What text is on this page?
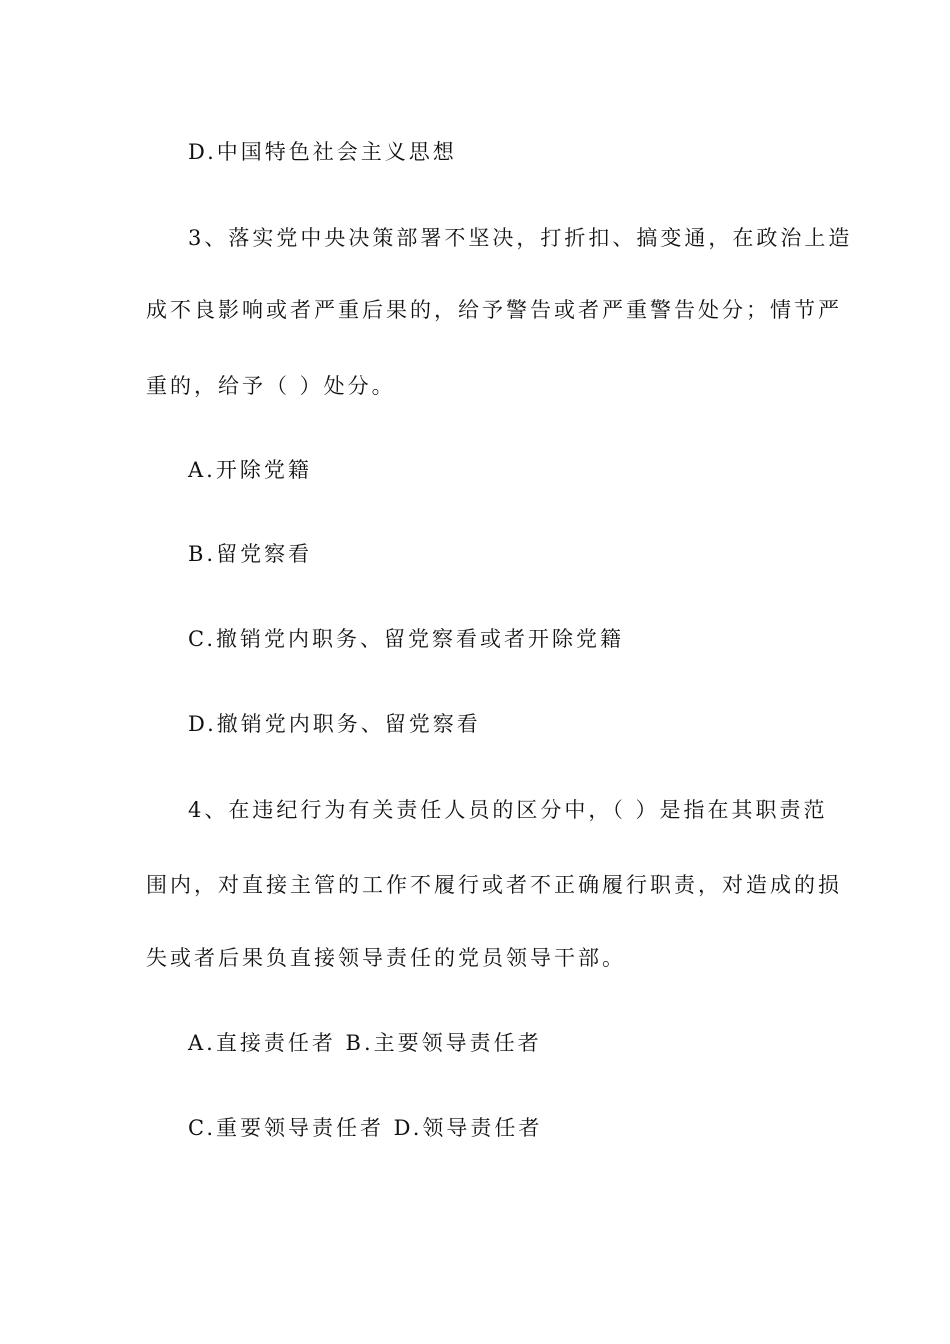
D.中国特色社会主义思想
3、落实党中央决策部署不坚决，打折扣、搞变通，在政治上造
成不良影响或者严重后果的，给予警告或者严重警告处分；情节严
重的，给予（ ）处分。
A.开除党籍
B.留党察看
C.撤销党内职务、留党察看或者开除党籍
D.撤销党内职务、留党察看
4、在违纪行为有关责任人员的区分中，（ ）是指在其职责范
围内，对直接主管的工作不履行或者不正确履行职责，对造成的损
失或者后果负直接领导责任的党员领导干部。
A.直接责任者 B.主要领导责任者
C.重要领导责任者 D.领导责任者
